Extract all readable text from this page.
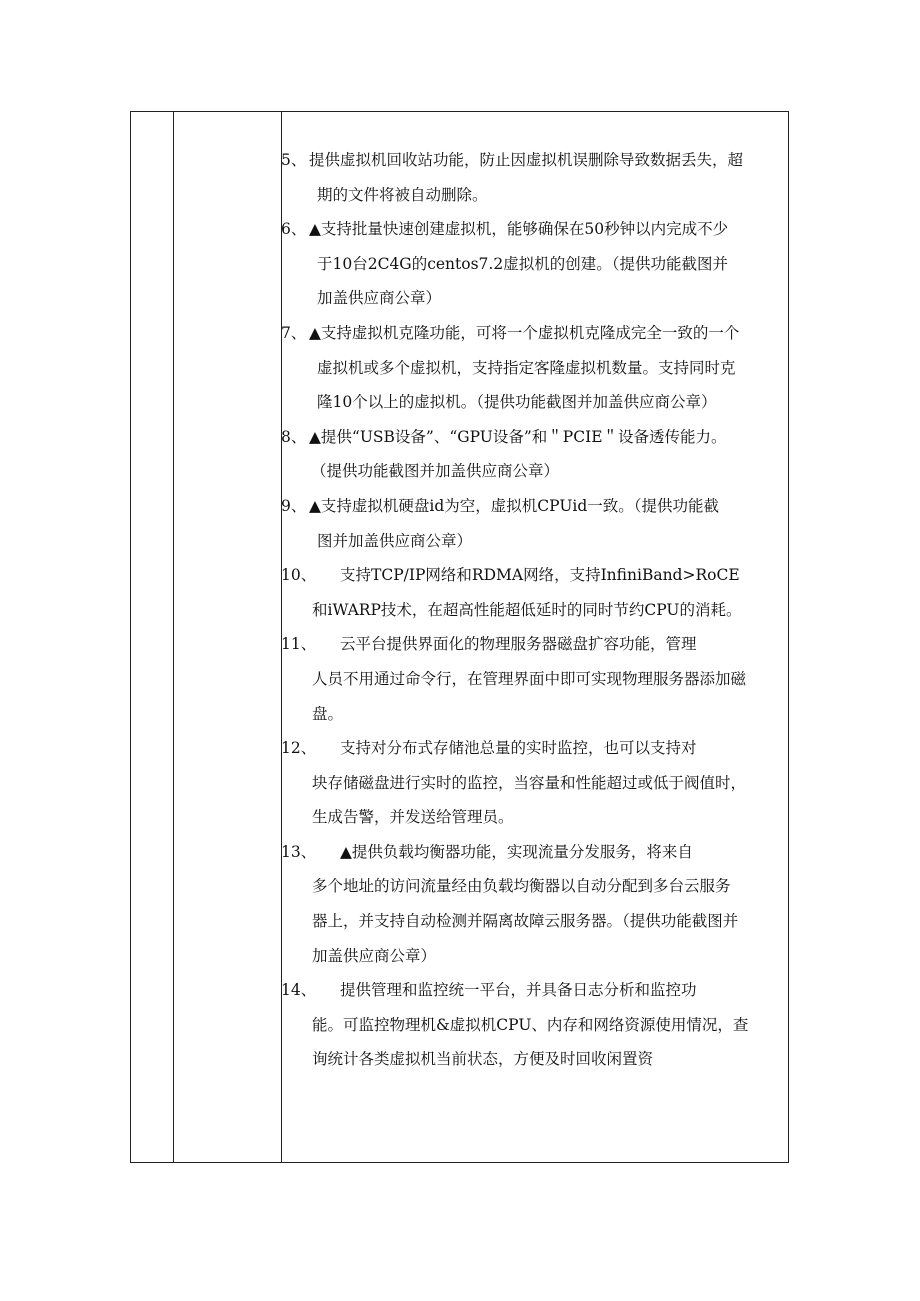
5、 提供虚拟机回收站功能，防止因虚拟机误删除导致数据丢失，超
期的文件将被自动删除。
6、 ▲支持批量快速创建虚拟机，能够确保在50秒钟以内完成不少
于10台2C4G的centos7.2虚拟机的创建。（提供功能截图并
加盖供应商公章）
7、 ▲支持虚拟机克隆功能，可将一个虚拟机克隆成完全一致的一个
虚拟机或多个虚拟机，支持指定客隆虚拟机数量。支持同时克
隆10个以上的虚拟机。（提供功能截图并加盖供应商公章）
8、 ▲提供“USB设备”、“GPU设备”和＂PCIE＂设备透传能力。
（提供功能截图并加盖供应商公章）
9、 ▲支持虚拟机硬盘id为空，虚拟机CPUid一致。（提供功能截
图并加盖供应商公章）
10、 支持TCP/IP网络和RDMA网络，支持InfiniBand>RoCE
和iWARP技术，在超高性能超低延时的同时节约CPU的消耗。
11、 云平台提供界面化的物理服务器磁盘扩容功能，管理
人员不用通过命令行，在管理界面中即可实现物理服务器添加磁
盘。
12、 支持对分布式存储池总量的实时监控，也可以支持对
块存储磁盘进行实时的监控，当容量和性能超过或低于阀值时，
生成告警，并发送给管理员。
13、 ▲提供负载均衡器功能，实现流量分发服务，将来自
多个地址的访问流量经由负载均衡器以自动分配到多台云服务
器上，并支持自动检测并隔离故障云服务器。（提供功能截图并
加盖供应商公章）
14、 提供管理和监控统一平台，并具备日志分析和监控功
能。可监控物理机&虚拟机CPU、内存和网络资源使用情况，查
询统计各类虚拟机当前状态，方便及时回收闲置资
